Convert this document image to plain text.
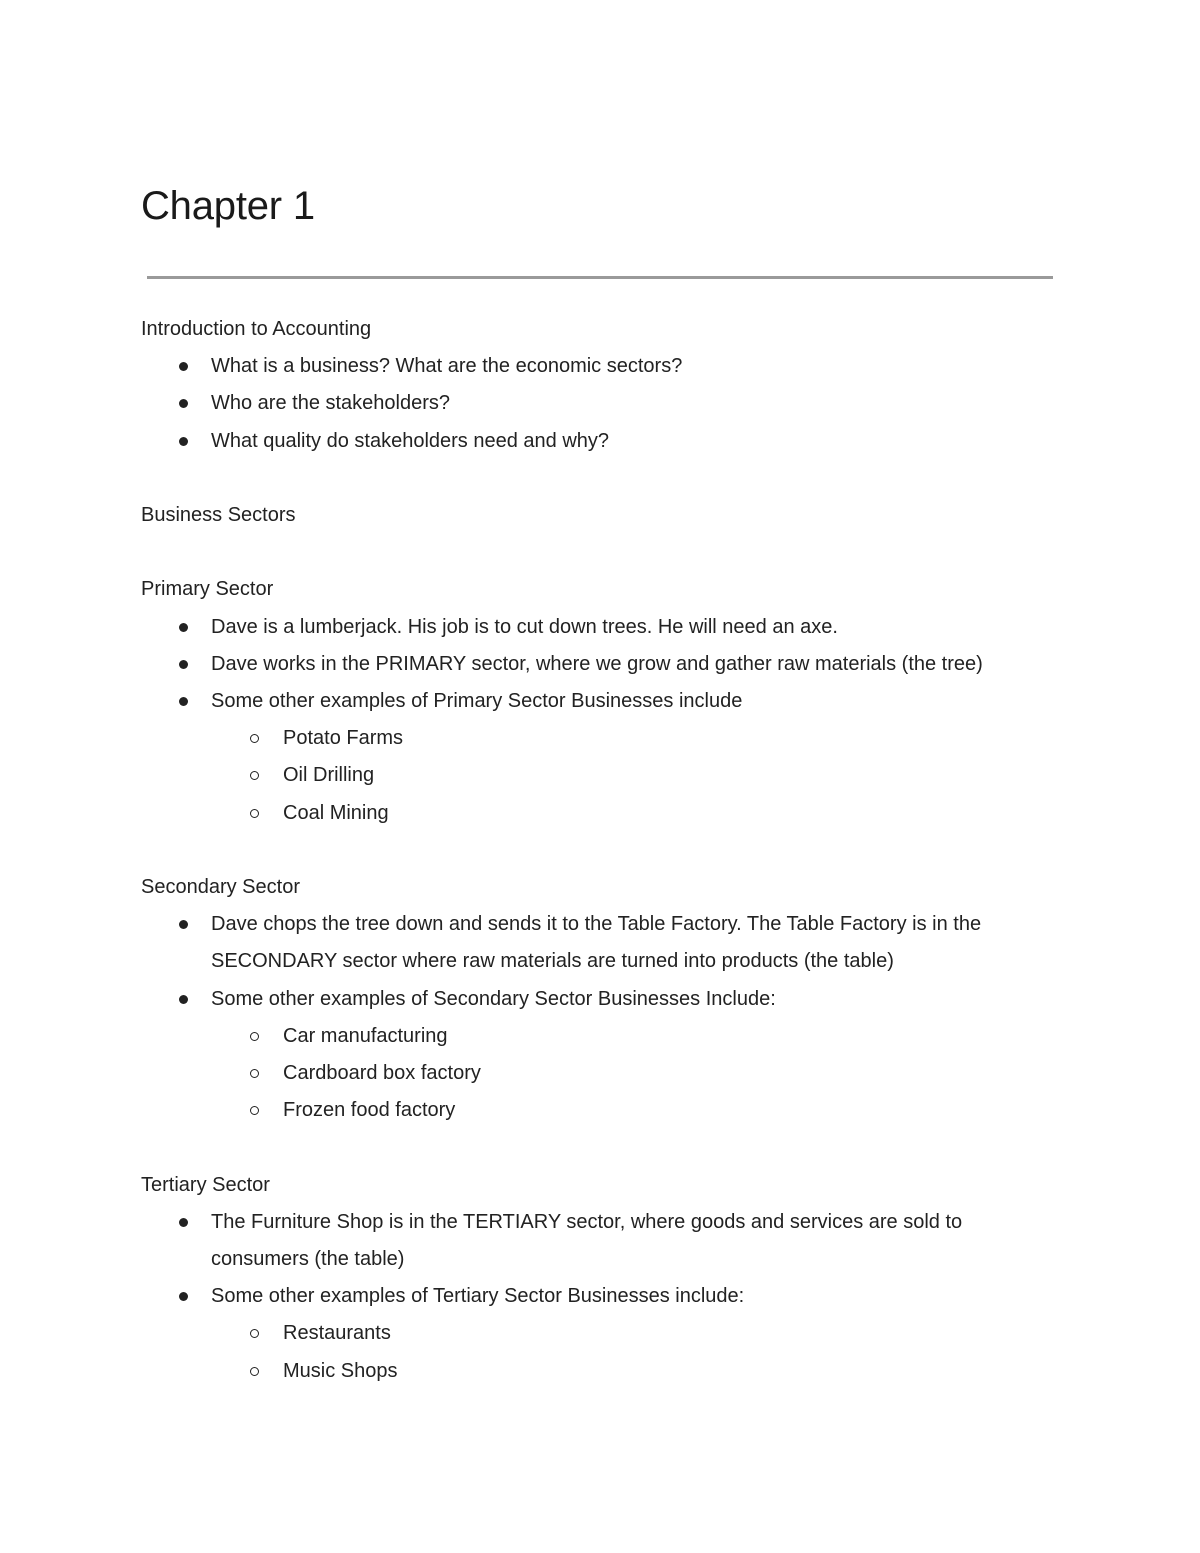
Chapter 1

Introduction to Accounting

What is a business? What are the economic sectors?
Who are the stakeholders?
What quality do stakeholders need and why?

Business Sectors

Primary Sector

Dave is a lumberjack. His job is to cut down trees. He will need an axe.
Dave works in the PRIMARY sector, where we grow and gather raw materials (the tree)
Some other examples of Primary Sector Businesses include
Potato Farms
Oil Drilling
Coal Mining

Secondary Sector

Dave chops the tree down and sends it to the Table Factory. The Table Factory is in the SECONDARY sector where raw materials are turned into products (the table)
Some other examples of Secondary Sector Businesses Include:
Car manufacturing
Cardboard box factory
Frozen food factory

Tertiary Sector

The Furniture Shop is in the TERTIARY sector, where goods and services are sold to consumers (the table)
Some other examples of Tertiary Sector Businesses include:
Restaurants
Music Shops
